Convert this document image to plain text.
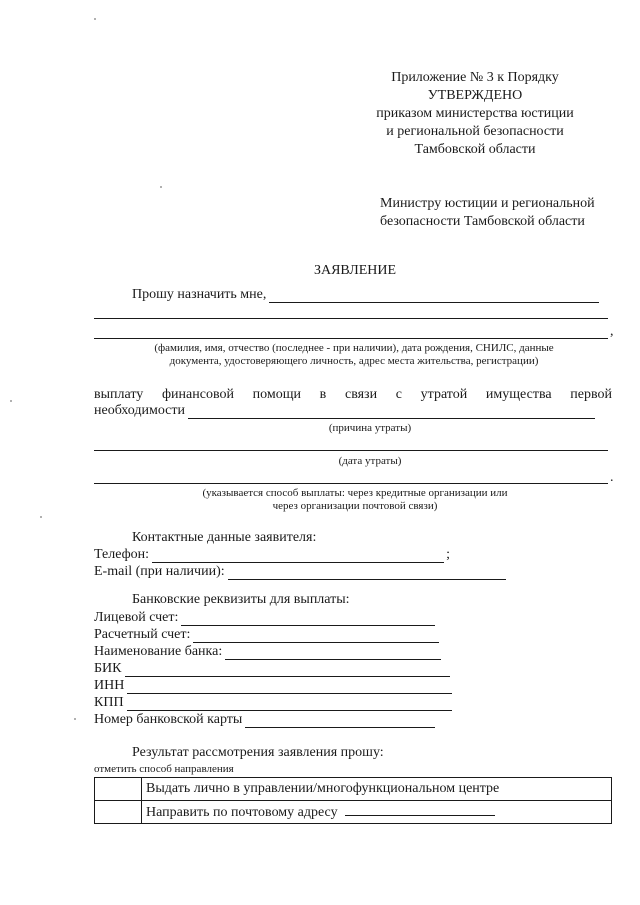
Приложение № 3 к Порядку
УТВЕРЖДЕНО
приказом министерства юстиции
и региональной безопасности
Тамбовской области
Министру юстиции и региональной
безопасности Тамбовской области
ЗАЯВЛЕНИЕ
Прошу назначить мне,
,
(фамилия, имя, отчество (последнее - при наличии), дата рождения, СНИЛС, данные
документа, удостоверяющего личность, адрес места жительства, регистрации)
выплату финансовой помощи в связи с утратой имущества первой
необходимости
(причина утраты)
(дата утраты)
.
(указывается способ выплаты: через кредитные организации или
через организации почтовой связи)
Контактные данные заявителя:
Телефон:	;
E-mail (при наличии):
Банковские реквизиты для выплаты:
Лицевой счет:
Расчетный счет:
Наименование банка:
БИК
ИНН
КПП
Номер банковской карты
Результат рассмотрения заявления прошу:
отметить способ направления
	Выдать лично в управлении/многофункциональном центре
	Направить по почтовому адресу
